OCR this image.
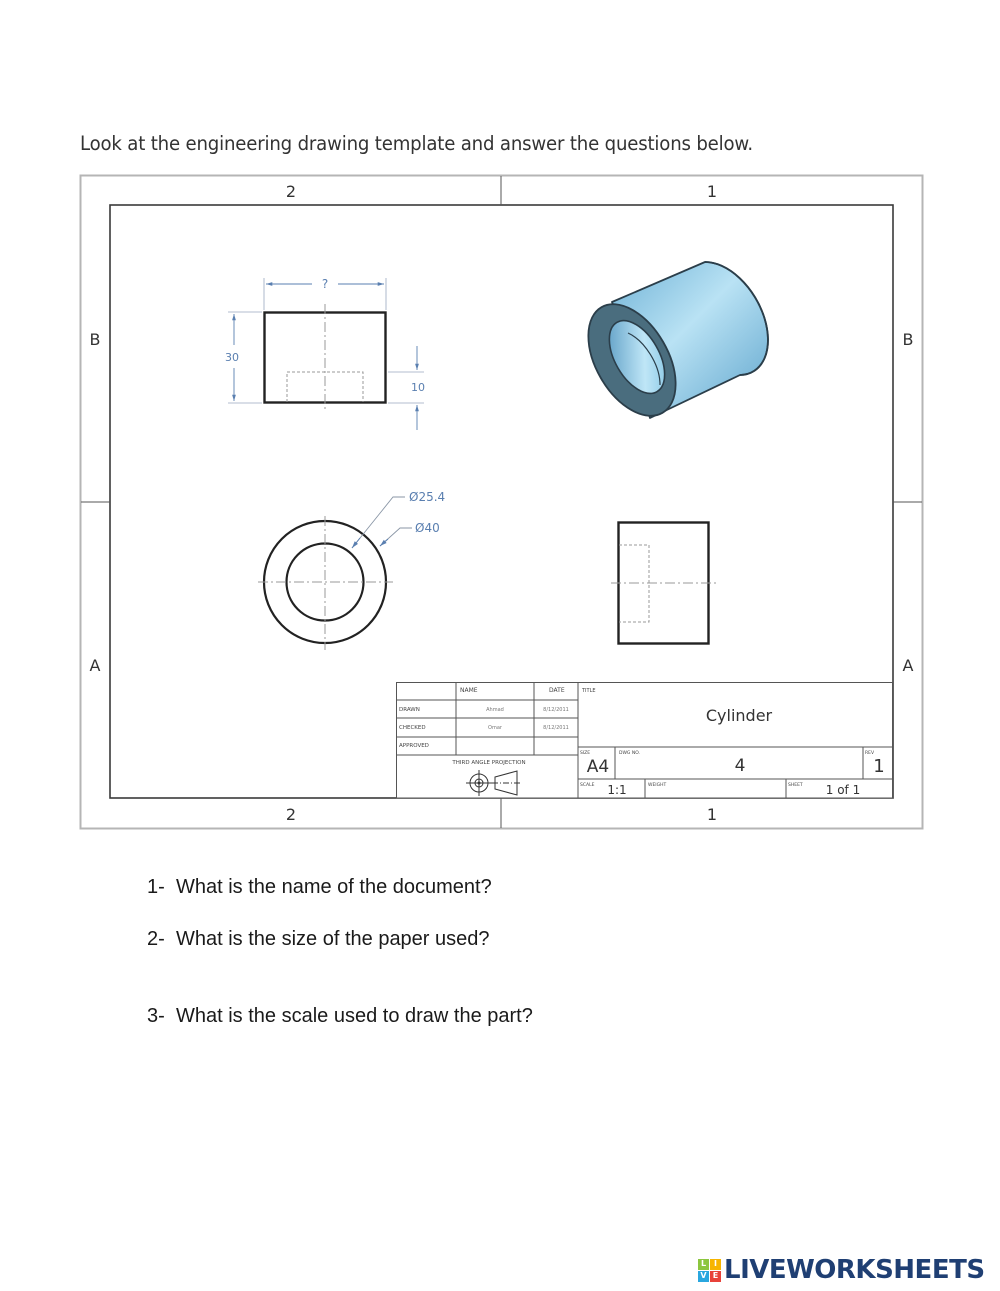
Look at the engineering drawing template and answer the questions below.
2	1
2	1
B
A
B
A
?
30
10
Ø25.4
Ø40
NAME	DATE
DRAWN	Ahmad	8/12/2011
CHECKED	Omar	8/12/2011
APPROVED
THIRD ANGLE PROJECTION
TITLE
Cylinder
SIZE
A4
DWG NO.
4
REV
1
SCALE 1:1	WEIGHT	SHEET 1 of 1
1- What is the name of the document?
2- What is the size of the paper used?
3- What is the scale used to draw the part?
L I
V E LIVEWORKSHEETS
